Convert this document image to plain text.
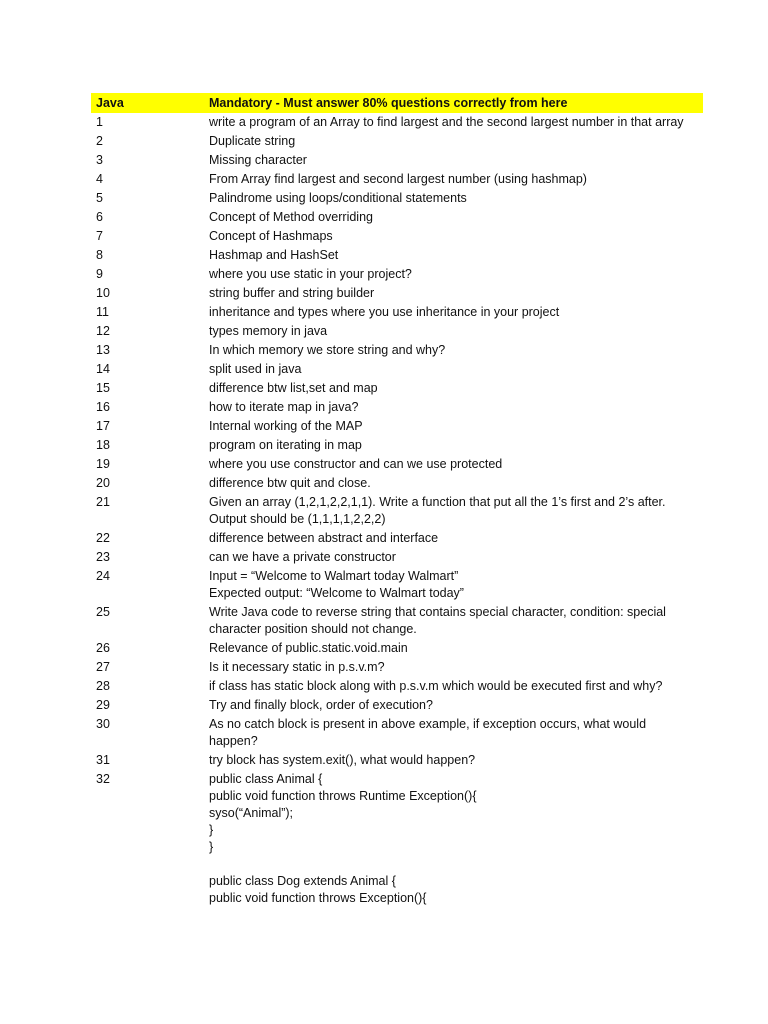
Java	Mandatory - Must answer 80% questions correctly from here
1	write a program of an Array to find largest and the second largest number in that array
2	Duplicate string
3	Missing character
4	From Array find largest and second largest number (using hashmap)
5	Palindrome using loops/conditional statements
6	Concept of Method overriding
7	Concept of Hashmaps
8	Hashmap and HashSet
9	where you use static in your project?
10	string buffer and string builder
11	inheritance and types where you use inheritance in your project
12	types memory in java
13	In which memory we store string and why?
14	split used in java
15	difference btw list,set and map
16	how to iterate map in java?
17	Internal working of the MAP
18	program on iterating in map
19	where you use constructor and can we use protected
20	difference btw quit and close.
21	Given an array (1,2,1,2,2,1,1). Write a function that put all the 1’s first and 2’s after.
Output should be (1,1,1,1,2,2,2)
22	difference between abstract and interface
23	can we have a private constructor
24	Input = “Welcome to Walmart today Walmart”
Expected output: “Welcome to Walmart today”
25	Write Java code to reverse string that contains special character, condition: special
character position should not change.
26	Relevance of public.static.void.main
27	Is it necessary static in p.s.v.m?
28	if class has static block along with p.s.v.m which would be executed first and why?
29	Try and finally block, order of execution?
30	As no catch block is present in above example, if exception occurs, what would
happen?
31	try block has system.exit(), what would happen?
32	public class Animal {
public void function throws Runtime Exception(){
syso(“Animal”);
}
}

public class Dog extends Animal {
public void function throws Exception(){
